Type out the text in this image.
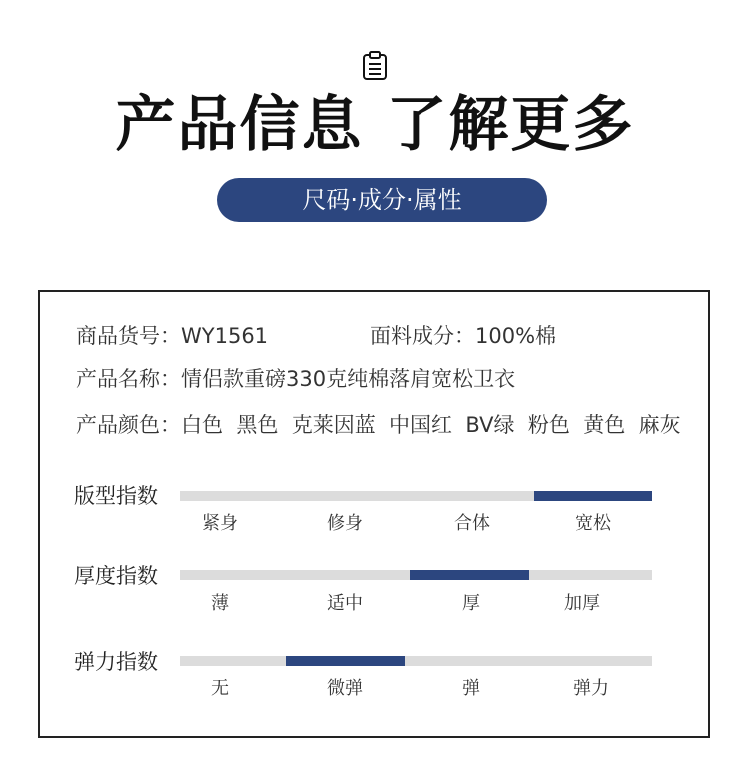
产品信息 了解更多
尺码·成分·属性
商品货号：WY1561	面料成分：100%棉
产品名称：情侣款重磅330克纯棉落肩宽松卫衣
产品颜色：白色  黑色  克莱因蓝  中国红  BV绿  粉色  黄色  麻灰
版型指数
紧身	修身	合体	宽松
厚度指数
薄	适中	厚	加厚
弹力指数
无	微弹	弹	弹力
